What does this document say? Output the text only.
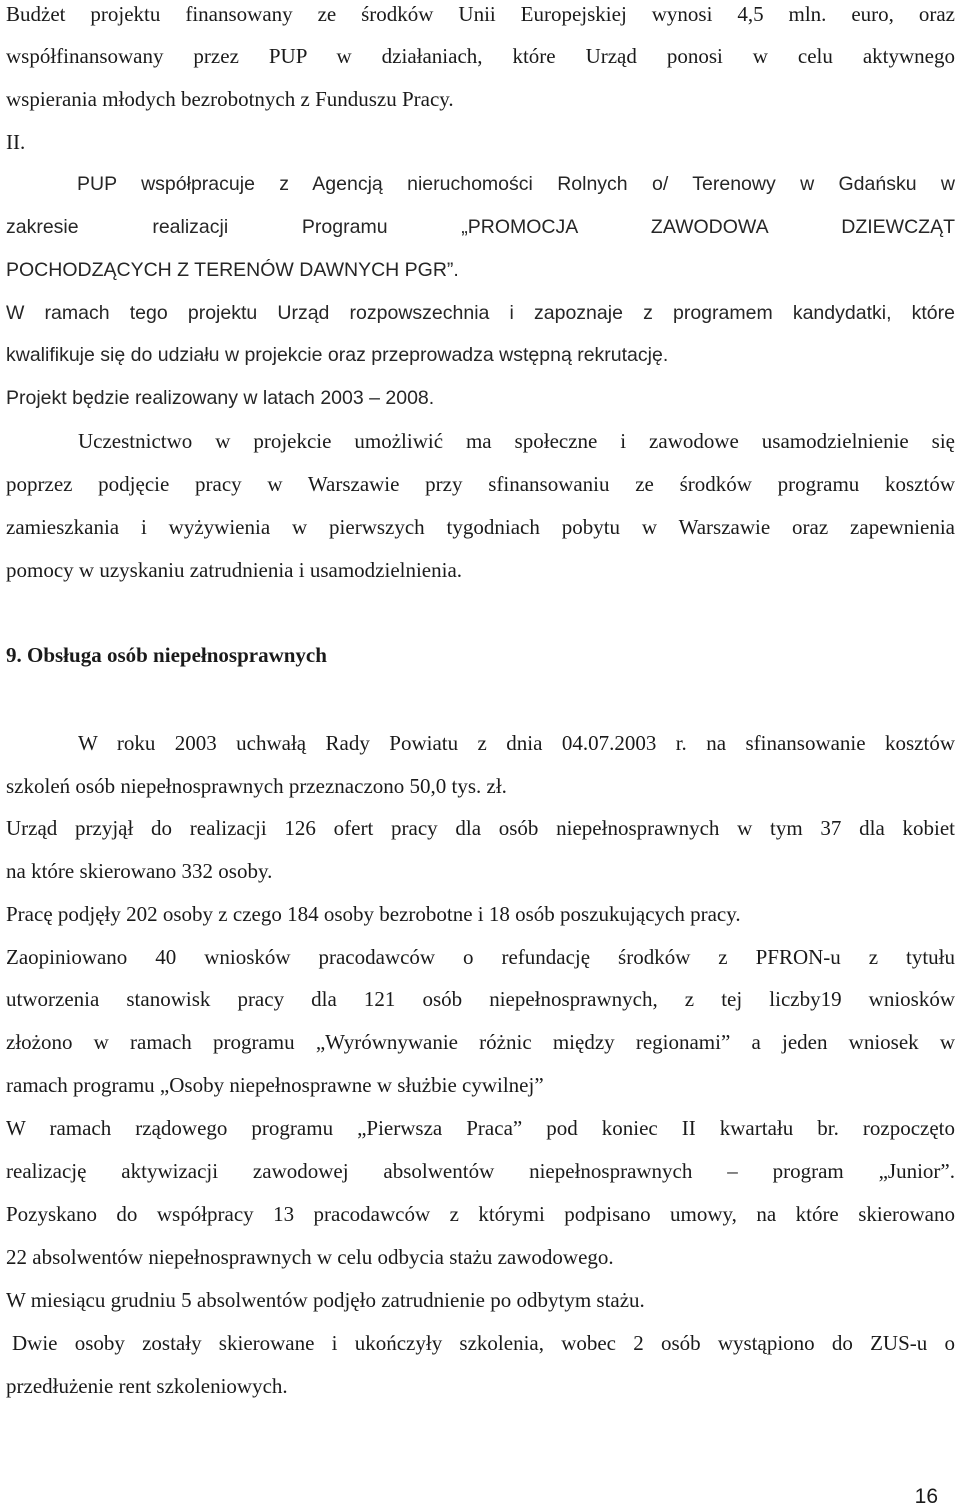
Budżet projektu finansowany ze środków Unii Europejskiej wynosi 4,5 mln. euro, oraz
współfinansowany przez PUP w działaniach, które Urząd ponosi w celu aktywnego
wspierania młodych bezrobotnych z Funduszu Pracy.
II.
PUP współpracuje z Agencją nieruchomości Rolnych o/ Terenowy w Gdańsku w
zakresie realizacji Programu „PROMOCJA ZAWODOWA DZIEWCZĄT
POCHODZĄCYCH Z TERENÓW DAWNYCH PGR”.
W ramach tego projektu Urząd rozpowszechnia i zapoznaje z programem kandydatki, które
kwalifikuje się do udziału w projekcie oraz przeprowadza wstępną rekrutację.
Projekt będzie realizowany w latach 2003 – 2008.
Uczestnictwo w projekcie umożliwić ma społeczne i zawodowe usamodzielnienie się
poprzez podjęcie pracy w Warszawie przy sfinansowaniu ze środków programu kosztów
zamieszkania i wyżywienia w pierwszych tygodniach pobytu w Warszawie oraz zapewnienia
pomocy w uzyskaniu zatrudnienia i usamodzielnienia.
9. Obsługa osób niepełnosprawnych
W roku 2003 uchwałą Rady Powiatu z dnia 04.07.2003 r. na sfinansowanie kosztów
szkoleń osób niepełnosprawnych przeznaczono 50,0 tys. zł.
Urząd przyjął do realizacji 126 ofert pracy dla osób niepełnosprawnych w tym 37 dla kobiet
na które skierowano 332 osoby.
Pracę podjęły 202 osoby z czego 184 osoby bezrobotne i 18 osób poszukujących pracy.
Zaopiniowano 40 wniosków pracodawców o refundację środków z PFRON-u z tytułu
utworzenia stanowisk pracy dla 121 osób niepełnosprawnych, z tej liczby19 wniosków
złożono w ramach programu „Wyrównywanie różnic między regionami” a jeden wniosek w
ramach programu „Osoby niepełnosprawne w służbie cywilnej”
W ramach rządowego programu „Pierwsza Praca” pod koniec II kwartału br. rozpoczęto
realizację aktywizacji zawodowej absolwentów niepełnosprawnych – program „Junior”.
Pozyskano do współpracy 13 pracodawców z którymi podpisano umowy, na które skierowano
22 absolwentów niepełnosprawnych w celu odbycia stażu zawodowego.
W miesiącu grudniu 5 absolwentów podjęło zatrudnienie po odbytym stażu.
Dwie osoby zostały skierowane i ukończyły szkolenia, wobec 2 osób wystąpiono do ZUS-u o
przedłużenie rent szkoleniowych.
16
